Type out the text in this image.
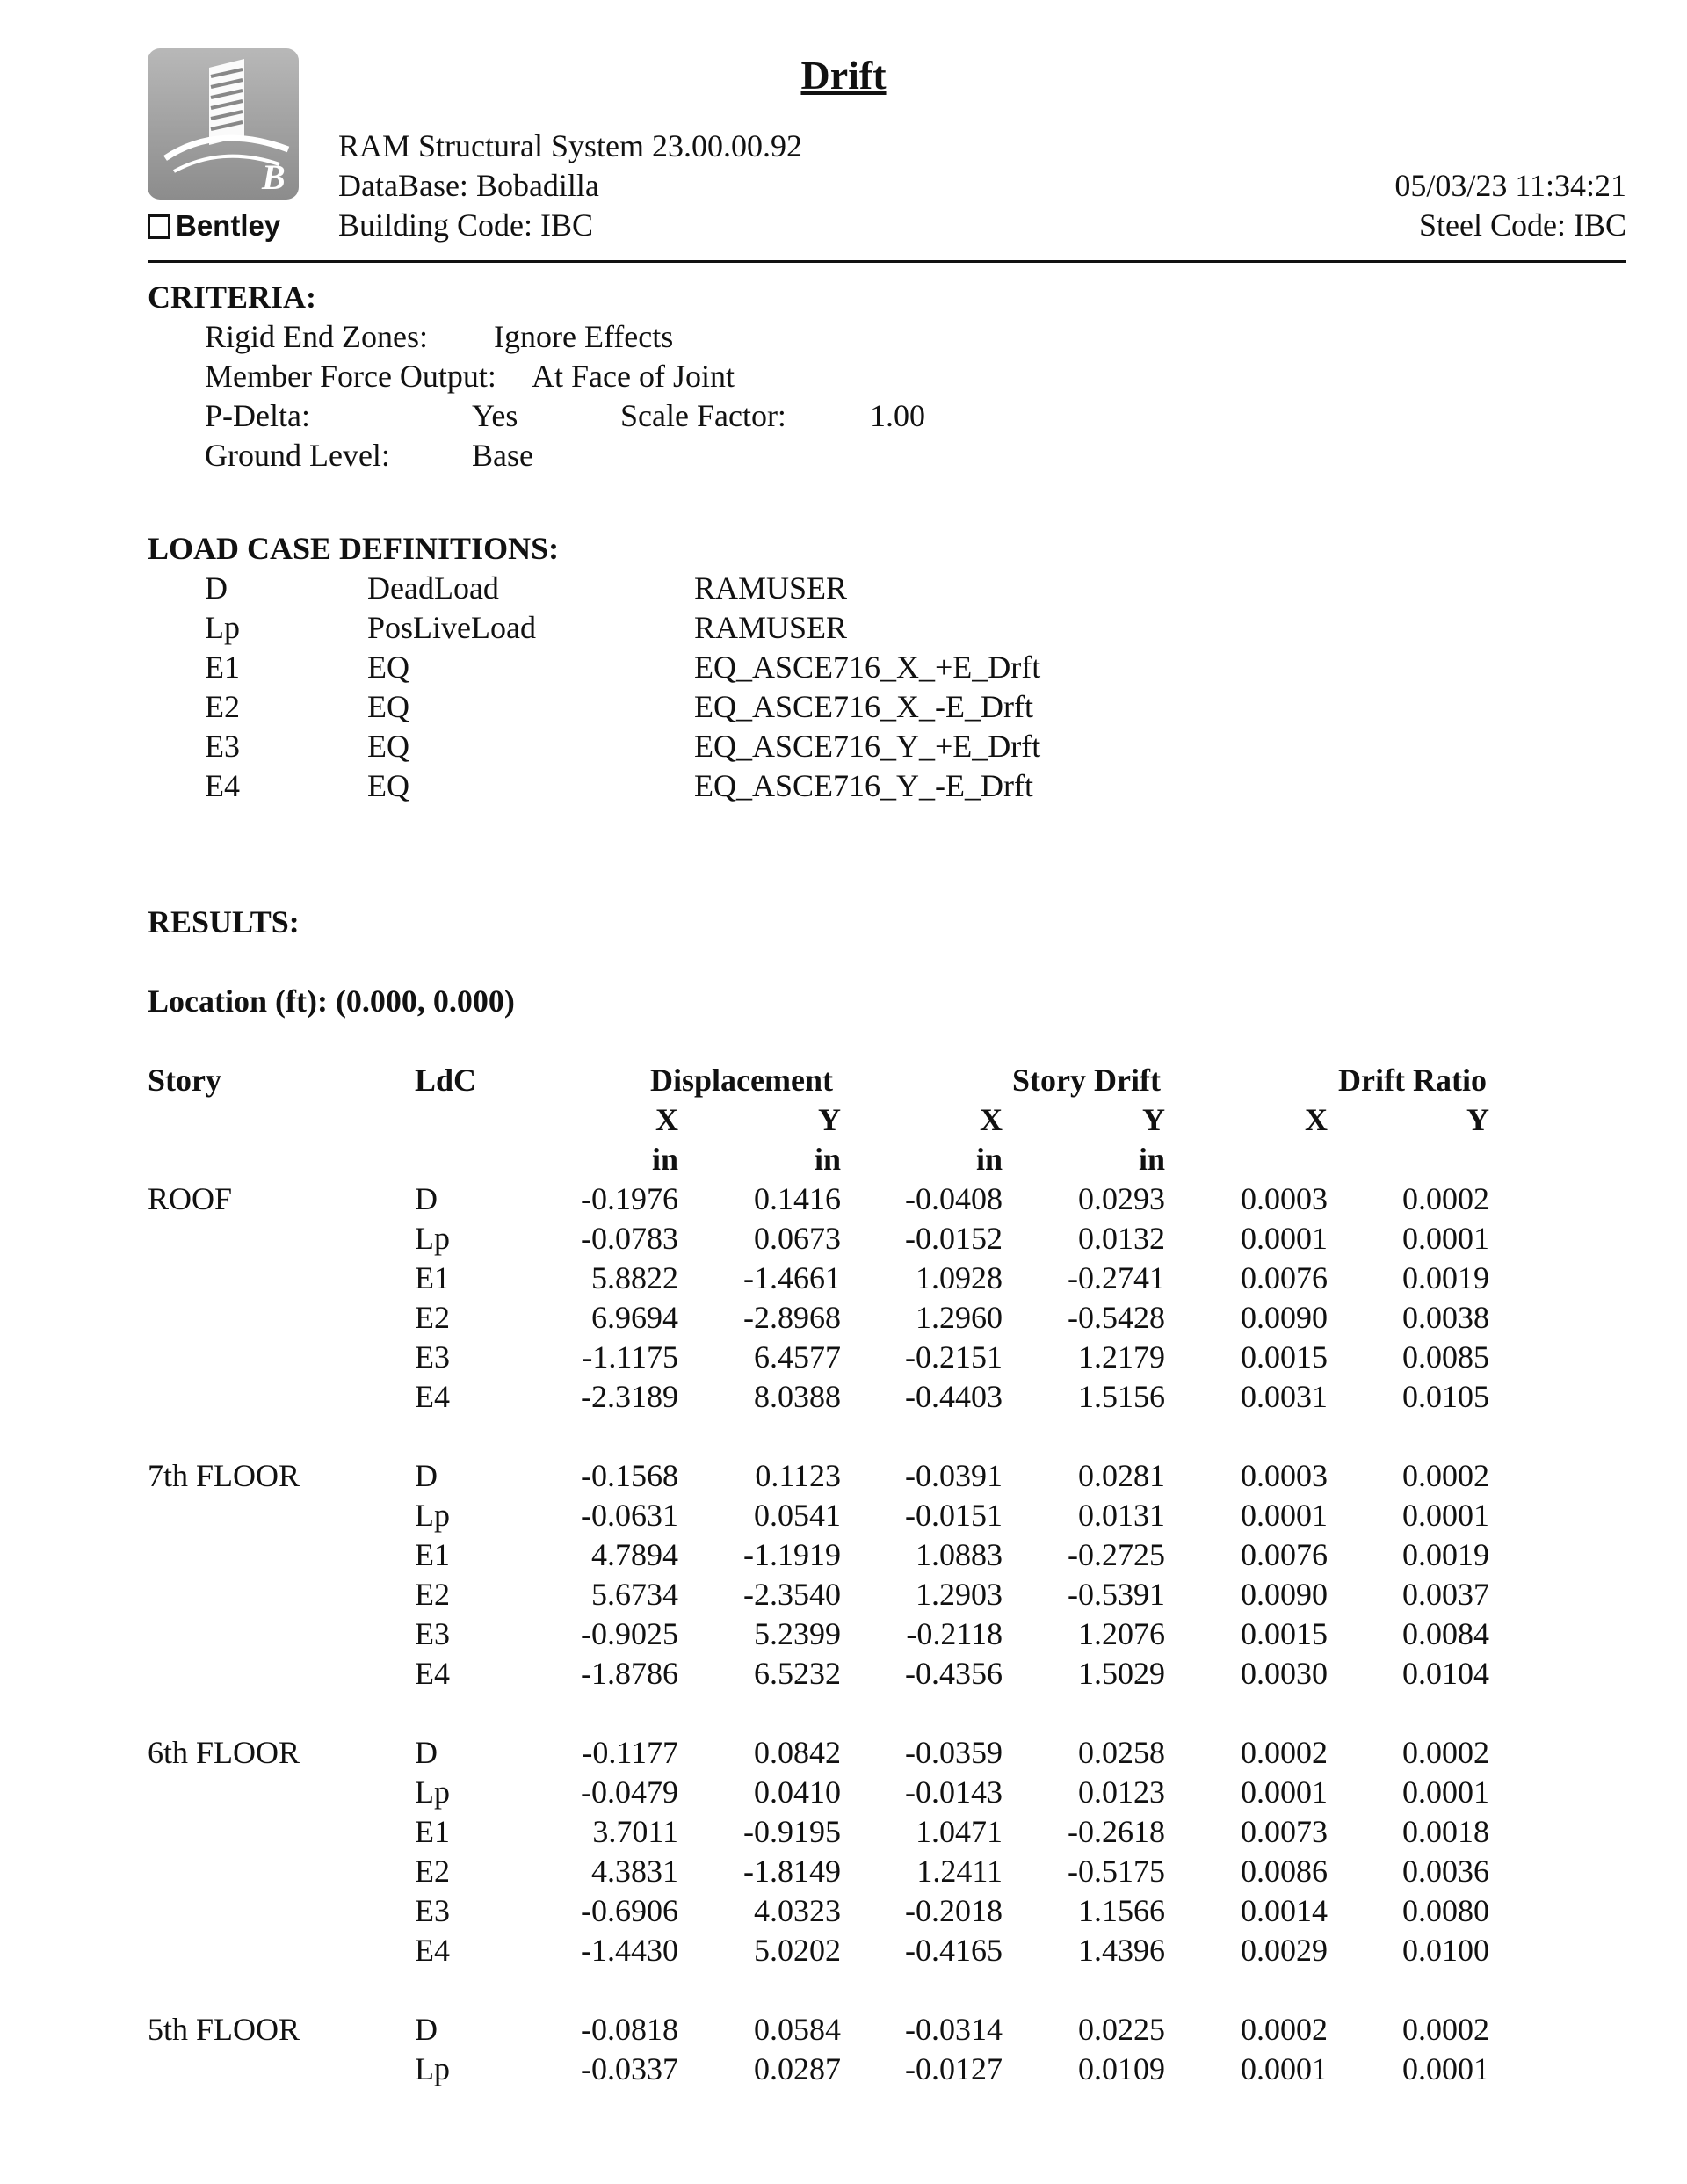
B
Bentley
Drift
RAM Structural System 23.00.00.92
DataBase: Bobadilla
Building Code: IBC
05/03/23 11:34:21
Steel Code: IBC
CRITERIA:
Rigid End Zones: Ignore Effects
Member Force Output: At Face of Joint
P-Delta:	Yes	Scale Factor:	1.00
Ground Level:	Base
LOAD CASE DEFINITIONS:
D	DeadLoad	RAMUSER
Lp	PosLiveLoad	RAMUSER
E1	EQ	EQ_ASCE716_X_+E_Drft
E2	EQ	EQ_ASCE716_X_-E_Drft
E3	EQ	EQ_ASCE716_Y_+E_Drft
E4	EQ	EQ_ASCE716_Y_-E_Drft
RESULTS:
Location (ft): (0.000, 0.000)
Story	LdC	Displacement	Story Drift	Drift Ratio
X	Y	X	Y	X	Y
in	in	in	in
ROOF	D	-0.1976 0.1416 -0.0408 0.0293 0.0003 0.0002
Lp	-0.0783 0.0673 -0.0152 0.0132 0.0001 0.0001
E1	5.8822 -1.4661 1.0928 -0.2741 0.0076 0.0019
E2	6.9694 -2.8968 1.2960 -0.5428 0.0090 0.0038
E3	-1.1175 6.4577 -0.2151 1.2179 0.0015 0.0085
E4	-2.3189 8.0388 -0.4403 1.5156 0.0031 0.0105
7th FLOOR	D	-0.1568 0.1123 -0.0391 0.0281 0.0003 0.0002
Lp	-0.0631 0.0541 -0.0151 0.0131 0.0001 0.0001
E1	4.7894 -1.1919 1.0883 -0.2725 0.0076 0.0019
E2	5.6734 -2.3540 1.2903 -0.5391 0.0090 0.0037
E3	-0.9025 5.2399 -0.2118 1.2076 0.0015 0.0084
E4	-1.8786 6.5232 -0.4356 1.5029 0.0030 0.0104
6th FLOOR	D	-0.1177 0.0842 -0.0359 0.0258 0.0002 0.0002
Lp	-0.0479 0.0410 -0.0143 0.0123 0.0001 0.0001
E1	3.7011 -0.9195 1.0471 -0.2618 0.0073 0.0018
E2	4.3831 -1.8149 1.2411 -0.5175 0.0086 0.0036
E3	-0.6906 4.0323 -0.2018 1.1566 0.0014 0.0080
E4	-1.4430 5.0202 -0.4165 1.4396 0.0029 0.0100
5th FLOOR	D	-0.0818 0.0584 -0.0314 0.0225 0.0002 0.0002
Lp	-0.0337 0.0287 -0.0127 0.0109 0.0001 0.0001
